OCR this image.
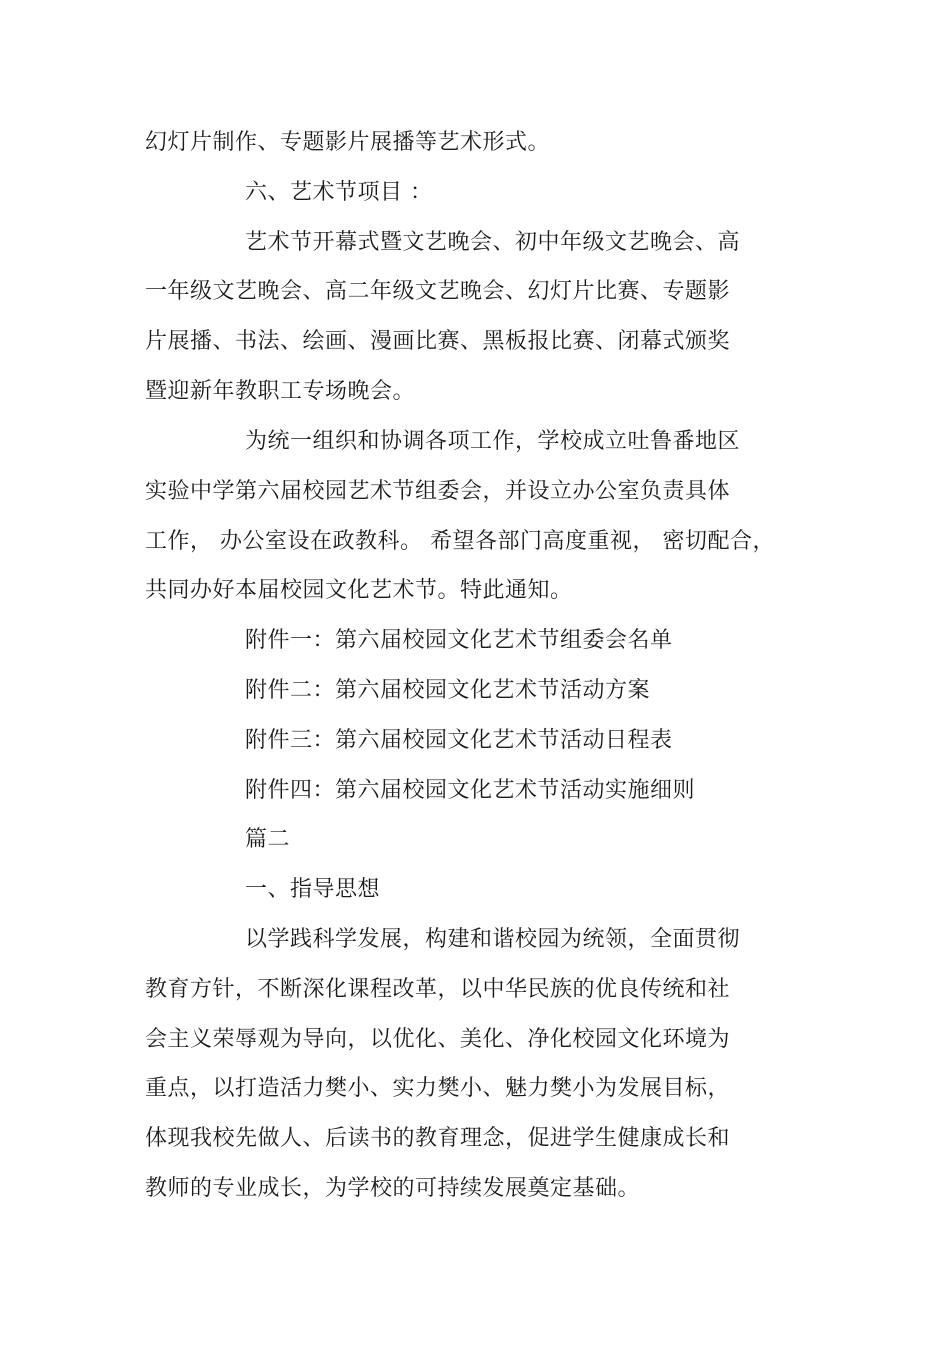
幻灯片制作、专题影片展播等艺术形式。
六、艺术节项目 ：
艺术节开幕式暨文艺晚会、初中年级文艺晚会、高
一年级文艺晚会、高二年级文艺晚会、幻灯片比赛、专题影
片展播、书法、绘画、漫画比赛、黑板报比赛、闭幕式颁奖
暨迎新年教职工专场晚会。
为统一组织和协调各项工作，学校成立吐鲁番地区
实验中学第六届校园艺术节组委会，并设立办公室负责具体
工作， 办公室设在政教科。 希望各部门高度重视， 密切配合，
共同办好本届校园文化艺术节。特此通知。
附件一：第六届校园文化艺术节组委会名单
附件二：第六届校园文化艺术节活动方案
附件三：第六届校园文化艺术节活动日程表
附件四：第六届校园文化艺术节活动实施细则
篇二
一、指导思想
以学践科学发展，构建和谐校园为统领，全面贯彻
教育方针，不断深化课程改革，以中华民族的优良传统和社
会主义荣辱观为导向，以优化、美化、净化校园文化环境为
重点，以打造活力樊小、实力樊小、魅力樊小为发展目标，
体现我校先做人、后读书的教育理念，促进学生健康成长和
教师的专业成长，为学校的可持续发展奠定基础。
